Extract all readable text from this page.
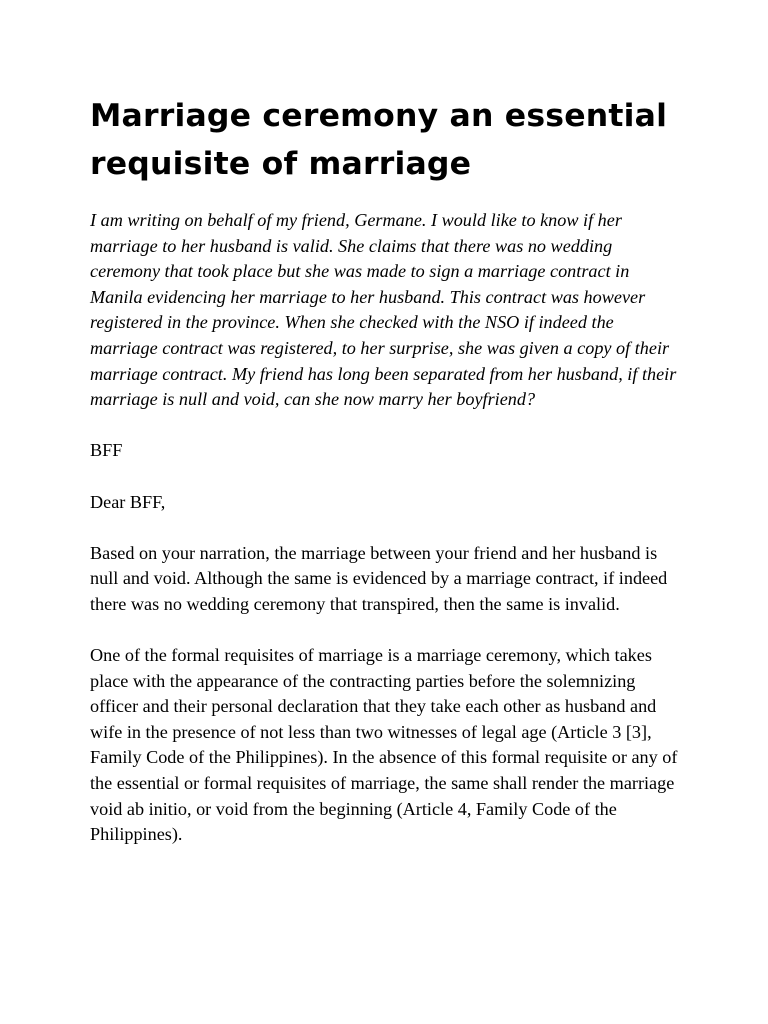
Marriage ceremony an essential requisite of marriage

I am writing on behalf of my friend, Germane. I would like to know if her marriage to her husband is valid. She claims that there was no wedding ceremony that took place but she was made to sign a marriage contract in Manila evidencing her marriage to her husband. This contract was however registered in the province. When she checked with the NSO if indeed the marriage contract was registered, to her surprise, she was given a copy of their marriage contract. My friend has long been separated from her husband, if their marriage is null and void, can she now marry her boyfriend?

BFF

Dear BFF,

Based on your narration, the marriage between your friend and her husband is null and void. Although the same is evidenced by a marriage contract, if indeed there was no wedding ceremony that transpired, then the same is invalid.

One of the formal requisites of marriage is a marriage ceremony, which takes place with the appearance of the contracting parties before the solemnizing officer and their personal declaration that they take each other as husband and wife in the presence of not less than two witnesses of legal age (Article 3 [3], Family Code of the Philippines). In the absence of this formal requisite or any of the essential or formal requisites of marriage, the same shall render the marriage void ab initio, or void from the beginning (Article 4, Family Code of the Philippines).
